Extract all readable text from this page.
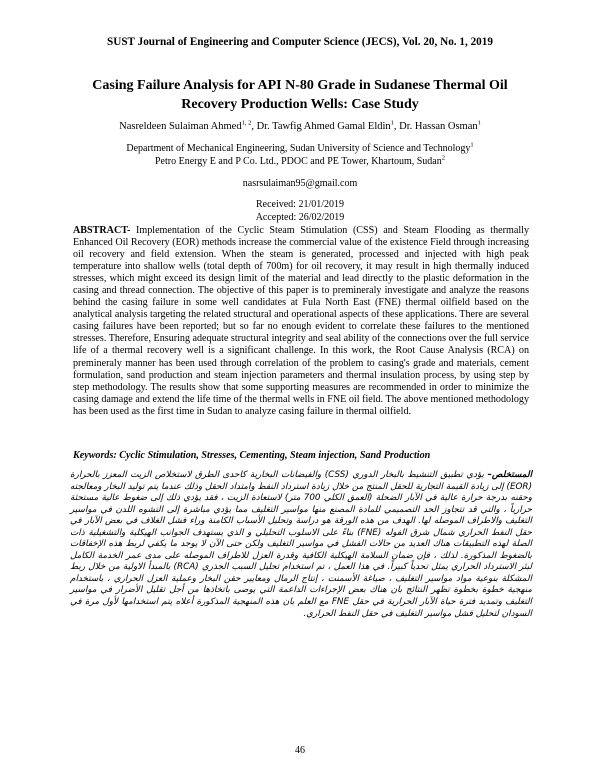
SUST Journal of Engineering and Computer Science (JECS), Vol. 20, No. 1, 2019
Casing Failure Analysis for API N-80 Grade in Sudanese Thermal Oil Recovery Production Wells: Case Study
Nasreldeen Sulaiman Ahmed$^{1, 2}$, Dr. Tawfig Ahmed Gamal Eldin$^1$, Dr. Hassan Osman$^1$
Department of Mechanical Engineering, Sudan University of Science and Technology$^1$
Petro Energy E and P Co. Ltd., PDOC and PE Tower, Khartoum, Sudan$^2$
nasrsulaiman95@gmail.com
Received: 21/01/2019
Accepted: 26/02/2019

ABSTRACT- Implementation of the Cyclic Steam Stimulation (CSS) and Steam Flooding as thermally Enhanced Oil Recovery (EOR) methods increase the commercial value of the existence Field through increasing oil recovery and field extension. When the steam is generated, processed and injected with high peak temperature into shallow wells (total depth of 700m) for oil recovery, it may result in high thermally induced stresses, which might exceed its design limit of the material and lead directly to the plastic deformation in the casing and thread connection. The objective of this paper is to premineraly investigate and analyze the reasons behind the casing failure in some well candidates at Fula North East (FNE) thermal oilfield based on the analytical analysis targeting the related structural and operational aspects of these applications. There are several casing failures have been reported; but so far no enough evident to correlate these failures to the mentioned stresses. Therefore, Ensuring adequate structural integrity and seal ability of the connections over the full service life of a thermal recovery well is a significant challenge. In this work, the Root Cause Analysis (RCA) on premineraly manner has been used through correlation of the problem to casing's grade and materials, cement formulation, sand production and steam injection parameters and thermal insulation process, by using step by step methodology. The results show that some supporting measures are recommended in order to minimize the casing damage and extend the life time of the thermal wells in FNE oil field. The above mentioned methodology has been used as the first time in Sudan to analyze casing failure in thermal oilfield.

Keywords: Cyclic Stimulation, Stresses, Cementing, Steam injection, Sand Production

المستخلص– يؤدي تطبيق التنشيط بالبخار الدوري (CSS) والفيضانات البخارية كاحدى الطرق لاستخلاص الزيت المعزز بالحرارة (EOR) إلى زيادة القيمة التجارية للحقل المنتج من خلال زيادة استرداد النفط وامتداد الحقل وذلك عندما يتم توليد البخار ومعالجته وحقنه بدرجة حرارة عالية في الآبار الضحلة (العمق الكلي 700 متر) لاستعادة الزيت ، فقد يؤدي ذلك إلى ضغوط عالية مستحثة حرارياً ، والتي قد تتجاوز الحد التصميمي للمادة المصنع منها مواسير التغليف مما يؤدي مباشرة إلى التشوه اللدن في مواسير التغليف والاطراف الموصله لها. الهدف من هذه الورقة هو دراسة وتحليل الأسباب الكامنة وراء فشل الغلاف في بعض الآبار في حقل النفط الحراري شمال شرق الفوله (FNE) بناءً على الاسلوب التحليلي و الذي يستهدف الجوانب الهيكلية والتشغيلية ذات الصلة لهذه التطبيقات هناك العديد من حالات الفشل في مواسير التغليف ولكن حتى الآن لا يوجد ما يكفي لربط هذه الإخفاقات بالضغوط المذكورة. لذلك ، فإن ضمان السلامة الهيكلية الكافية وقدرة العزل للاطراف الموصله على مدى عمر الخدمة الكامل لبئر الاسترداد الحراري يمثل تحدياً كبيراً. في هذا العمل ، تم استخدام تحليل السبب الجذري (RCA) بالمبدأ الاولية من خلال ربط المشكلة بنوعية مواد مواسير التغليف ، صياغة الأسمنت ، إنتاج الرمال ومعايير حقن البخار وعملية العزل الحراري ، باستخدام منهجية خطوة بخطوة تظهر النتائج بان هناك بعض الإجراءات الداعمة التي يوصى باتخاذها من أجل تقليل الأضرار في مواسير التغليف وتمديد فترة حياة الآبار الحرارية في حقل FNE مع العلم بان هذه المنهجية المذكورة أعلاه يتم استخدامها لأول مرة في السودان لتحليل فشل مواسير التغليف في حقل النفط الحراري.

46
